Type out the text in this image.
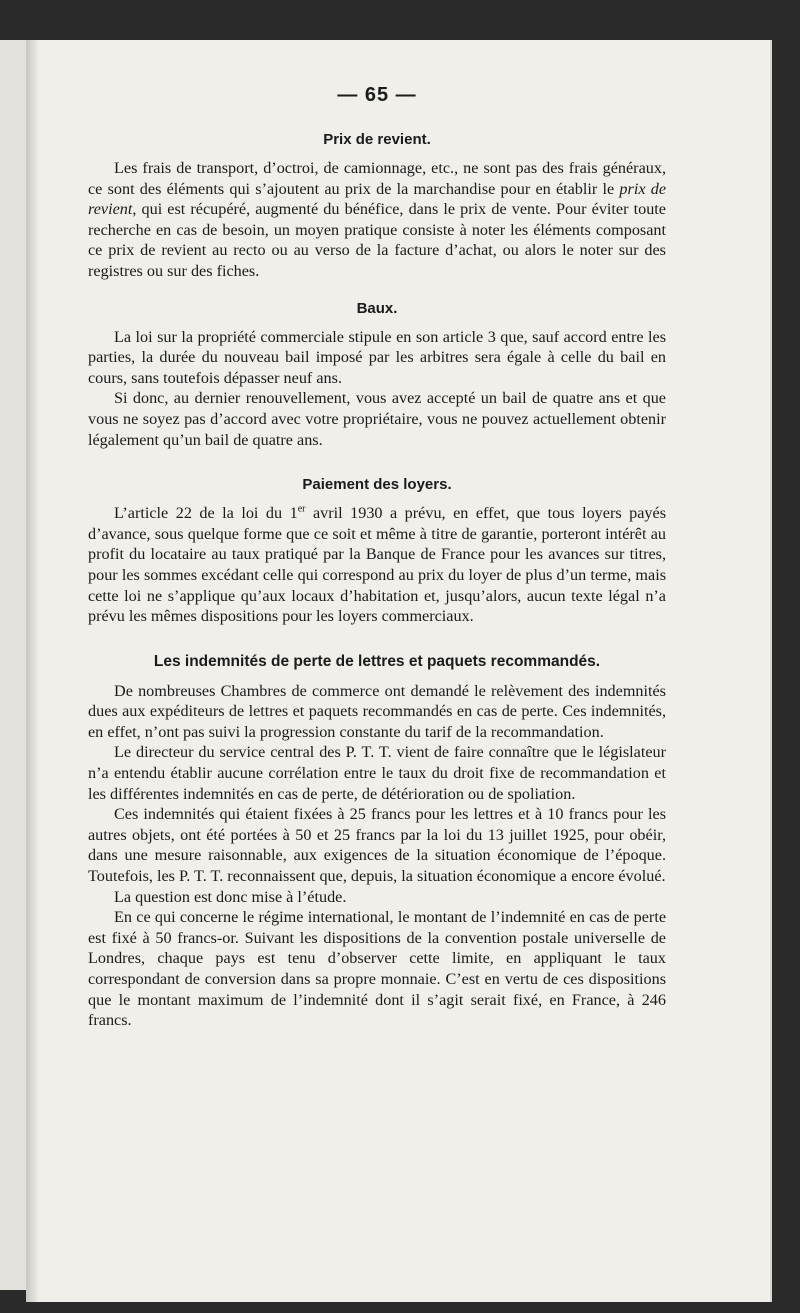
— 65 —
Prix de revient.

Les frais de transport, d’octroi, de camionnage, etc., ne sont pas des frais généraux, ce sont des éléments qui s’ajoutent au prix de la marchandise pour en établir le prix de revient, qui est récupéré, augmenté du bénéfice, dans le prix de vente. Pour éviter toute recherche en cas de besoin, un moyen pratique consiste à noter les éléments composant ce prix de revient au recto ou au verso de la facture d’achat, ou alors le noter sur des registres ou sur des fiches.

Baux.

La loi sur la propriété commerciale stipule en son article 3 que, sauf accord entre les parties, la durée du nouveau bail imposé par les arbitres sera égale à celle du bail en cours, sans toutefois dépasser neuf ans.

Si donc, au dernier renouvellement, vous avez accepté un bail de quatre ans et que vous ne soyez pas d’accord avec votre propriétaire, vous ne pouvez actuellement obtenir légalement qu’un bail de quatre ans.

Paiement des loyers.

L’article 22 de la loi du 1er avril 1930 a prévu, en effet, que tous loyers payés d’avance, sous quelque forme que ce soit et même à titre de garantie, porteront intérêt au profit du locataire au taux pratiqué par la Banque de France pour les avances sur titres, pour les sommes excédant celle qui correspond au prix du loyer de plus d’un terme, mais cette loi ne s’applique qu’aux locaux d’habitation et, jusqu’alors, aucun texte légal n’a prévu les mêmes dispositions pour les loyers commerciaux.

Les indemnités de perte de lettres et paquets recommandés.

De nombreuses Chambres de commerce ont demandé le relèvement des indemnités dues aux expéditeurs de lettres et paquets recommandés en cas de perte. Ces indemnités, en effet, n’ont pas suivi la progression constante du tarif de la recommandation.

Le directeur du service central des P. T. T. vient de faire connaître que le législateur n’a entendu établir aucune corrélation entre le taux du droit fixe de recommandation et les différentes indemnités en cas de perte, de détérioration ou de spoliation.

Ces indemnités qui étaient fixées à 25 francs pour les lettres et à 10 francs pour les autres objets, ont été portées à 50 et 25 francs par la loi du 13 juillet 1925, pour obéir, dans une mesure raisonnable, aux exigences de la situation économique de l’époque. Toutefois, les P. T. T. reconnaissent que, depuis, la situation économique a encore évolué.

La question est donc mise à l’étude.

En ce qui concerne le régime international, le montant de l’indemnité en cas de perte est fixé à 50 francs-or. Suivant les dispositions de la convention postale universelle de Londres, chaque pays est tenu d’observer cette limite, en appliquant le taux correspondant de conversion dans sa propre monnaie. C’est en vertu de ces dispositions que le montant maximum de l’indemnité dont il s’agit serait fixé, en France, à 246 francs.
